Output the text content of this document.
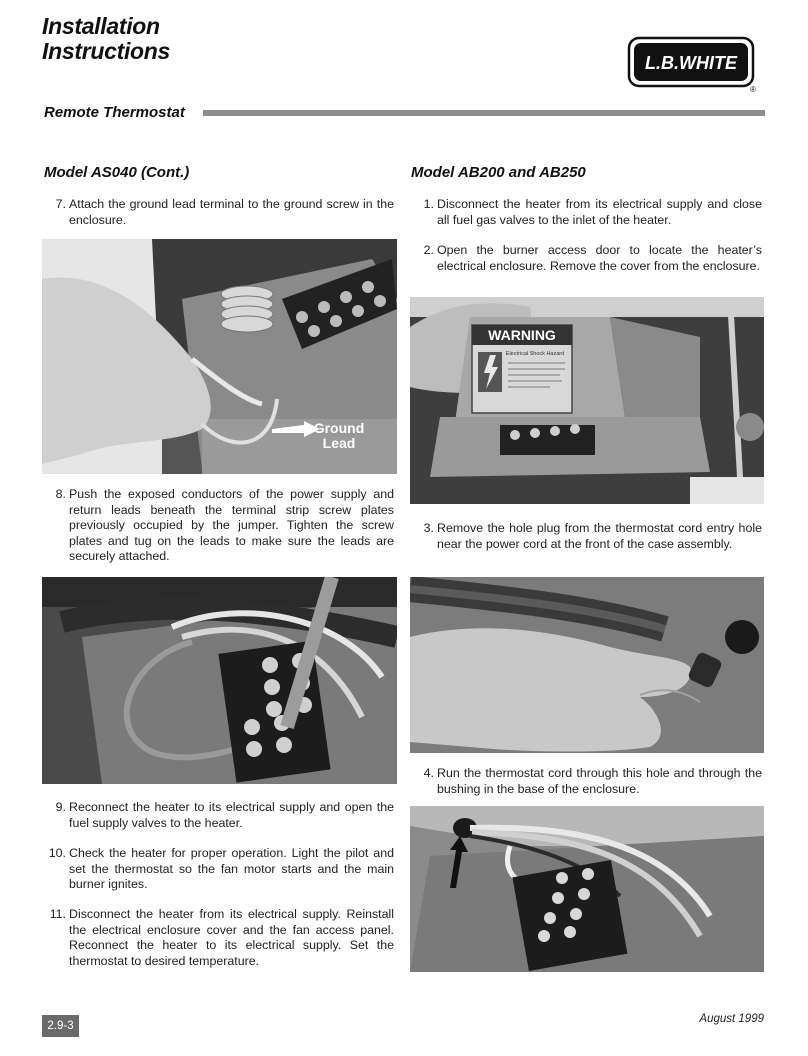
Installation
Instructions	L.B.WHITE
®
Remote Thermostat
Model AS040 (Cont.)
7. Attach the ground lead terminal to the ground screw in the enclosure.
Ground
Lead
8. Push the exposed conductors of the power supply and return leads beneath the terminal strip screw plates previously occupied by the jumper. Tighten the screw plates and tug on the leads to make sure the leads are securely attached.
9. Reconnect the heater to its electrical supply and open the fuel supply valves to the heater.
10. Check the heater for proper operation. Light the pilot and set the thermostat so the fan motor starts and the main burner ignites.
11. Disconnect the heater from its electrical supply. Reinstall the electrical enclosure cover and the fan access panel. Reconnect the heater to its electrical supply. Set the thermostat to desired temperature.
Model AB200 and AB250
1. Disconnect the heater from its electrical supply and close all fuel gas valves to the inlet of the heater.
2. Open the burner access door to locate the heater’s electrical enclosure. Remove the cover from the enclosure.
WARNING
Electrical Shock Hazard
3. Remove the hole plug from the thermostat cord entry hole near the power cord at the front of the case assembly.
4. Run the thermostat cord through this hole and through the bushing in the base of the enclosure.
2.9-3
August 1999
